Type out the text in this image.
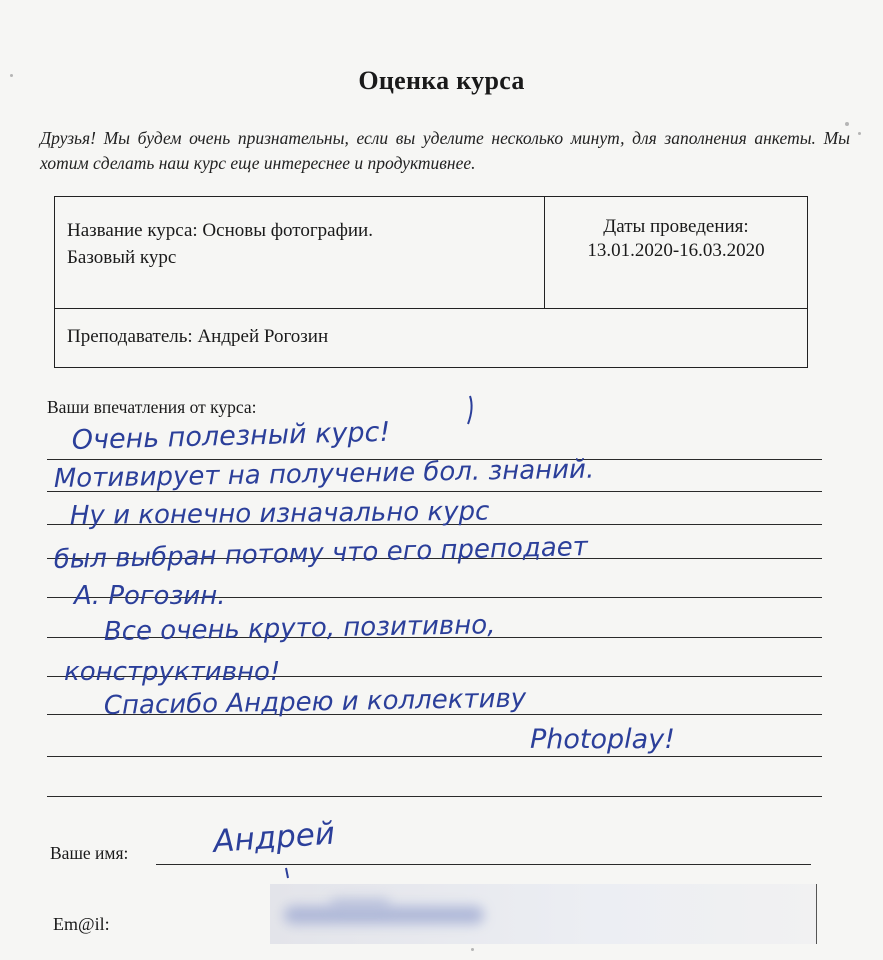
Оценка курса
Друзья! Мы будем очень признательны, если вы уделите несколько минут, для заполнения анкеты. Мы хотим сделать наш курс еще интереснее и продуктивнее.
Название курса: Основы фотографии.
Базовый курс
Даты проведения:
13.01.2020-16.03.2020
Преподаватель: Андрей Рогозин
Ваши впечатления от курса:
Очень полезный курс!
Мотивирует на получение бол. знаний.
Ну и конечно изначально курс
был выбран потому что его преподает
А. Рогозин.
Все очень круто, позитивно,
конструктивно!
Спасибо Андрею и коллективу
Photoplay!
Андрей
Ваше имя:
Em@il:
